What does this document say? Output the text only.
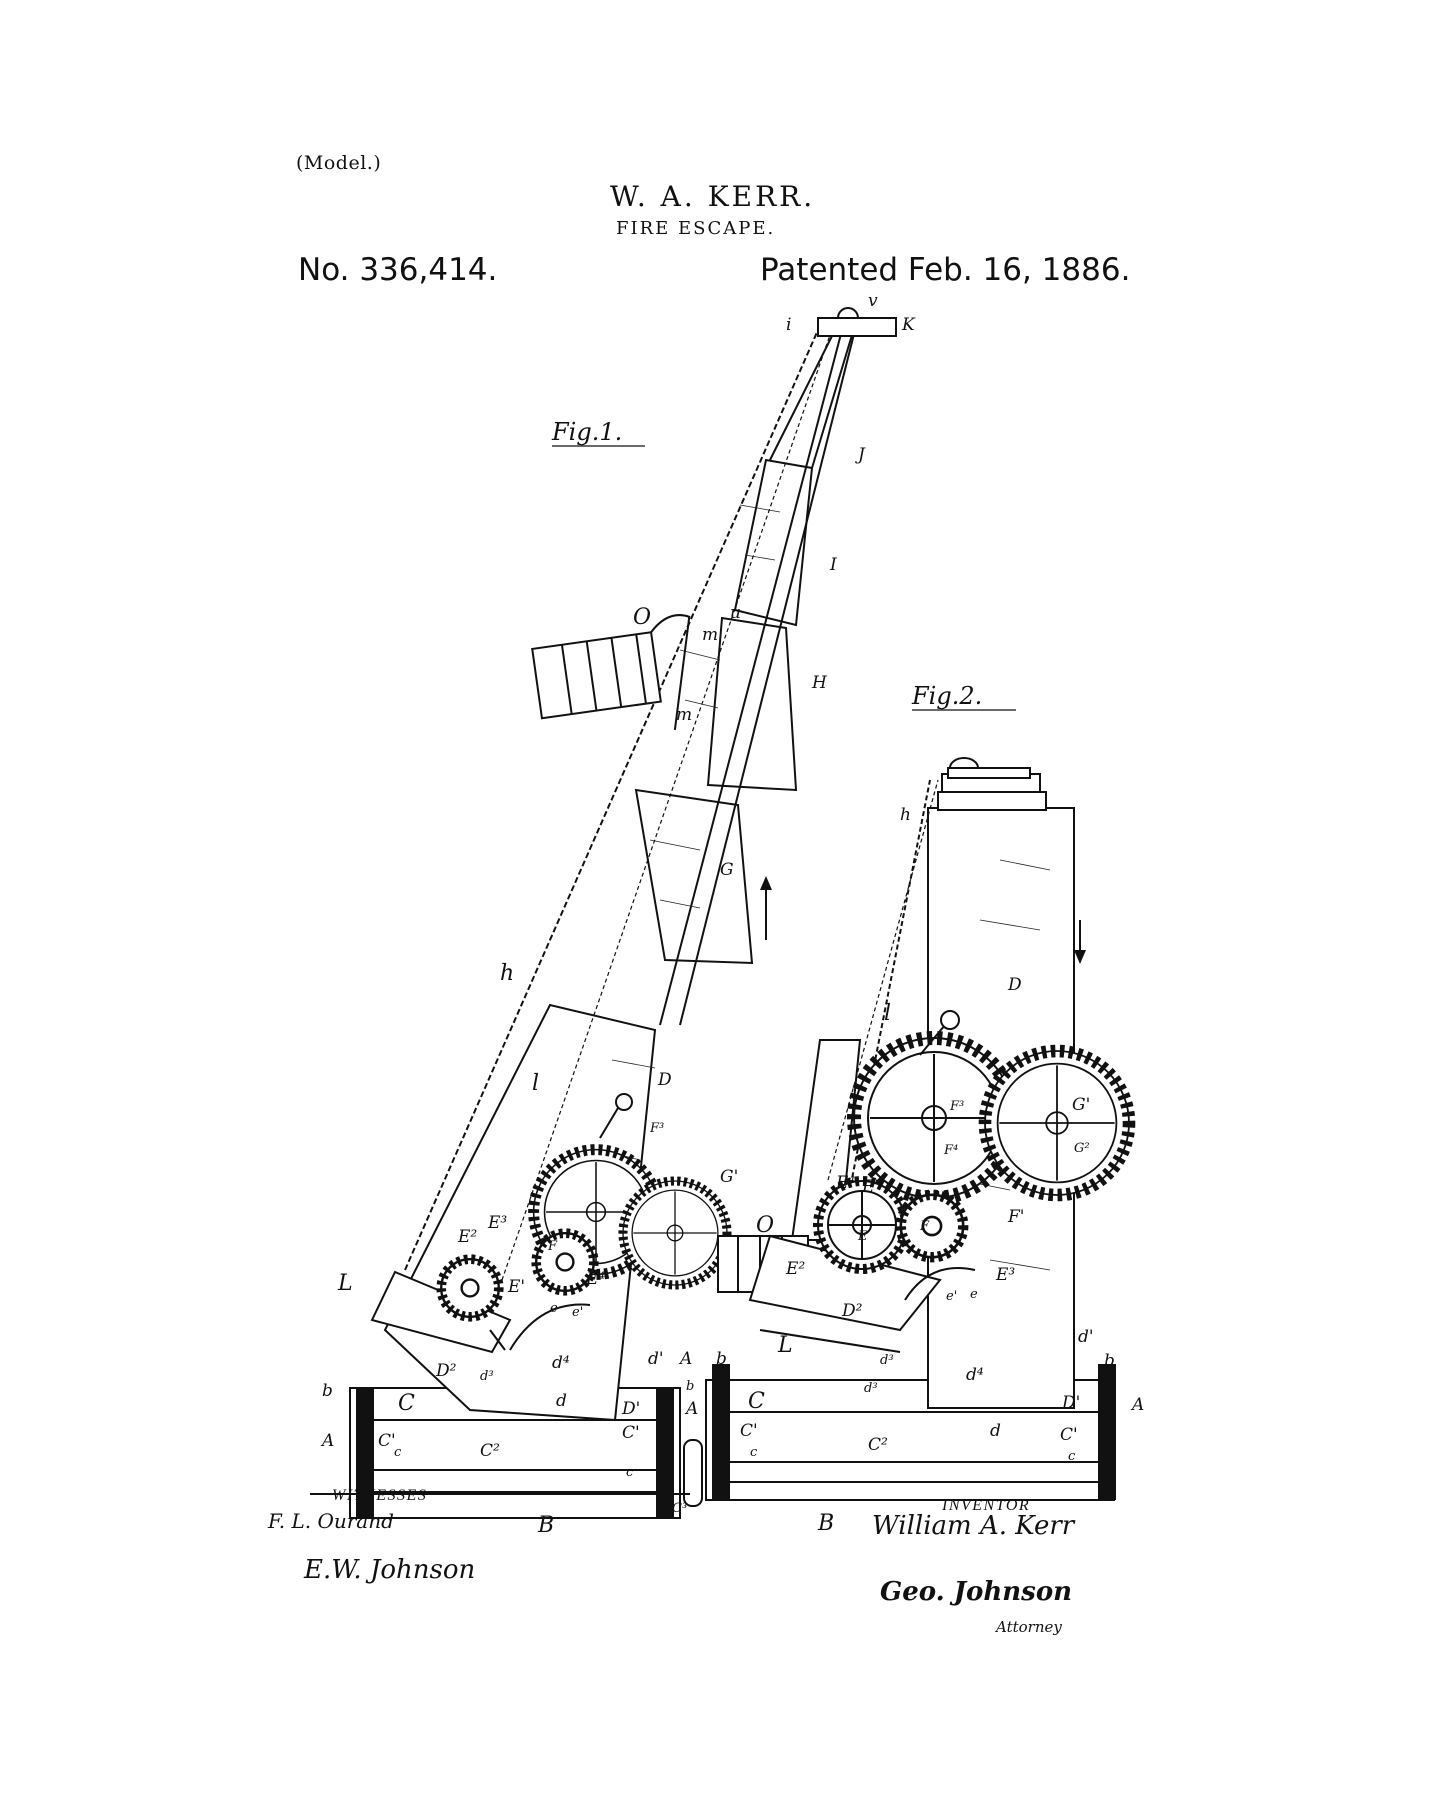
(Model.)
W. A. KERR.
FIRE ESCAPE.
No. 336,414.	Patented Feb. 16, 1886.
Fig.1.
K
i
v
J
I
H
G
D
O	u
m
m
h
l
G'
F³
E²
E³
E'	E⁴
F
e e'
L
D² d³
d⁴
d	D'
d' A
A
b
C
b
A	C'
c	C²
C'
c
B
C³
Fig.2.
h
D
l
F³
F⁴
G'
G²
F'
E⁴ E'
E
F
E²	E³
e' e
O
D²
L
d³
d³
d⁴
d'
D'
d
b	b
A
C
C'
c	C²	C'
c
B
WITNESSES
F. L. Ourand
E.W. Johnson
INVENTOR
William A. Kerr
Geo. Johnson
Attorney
